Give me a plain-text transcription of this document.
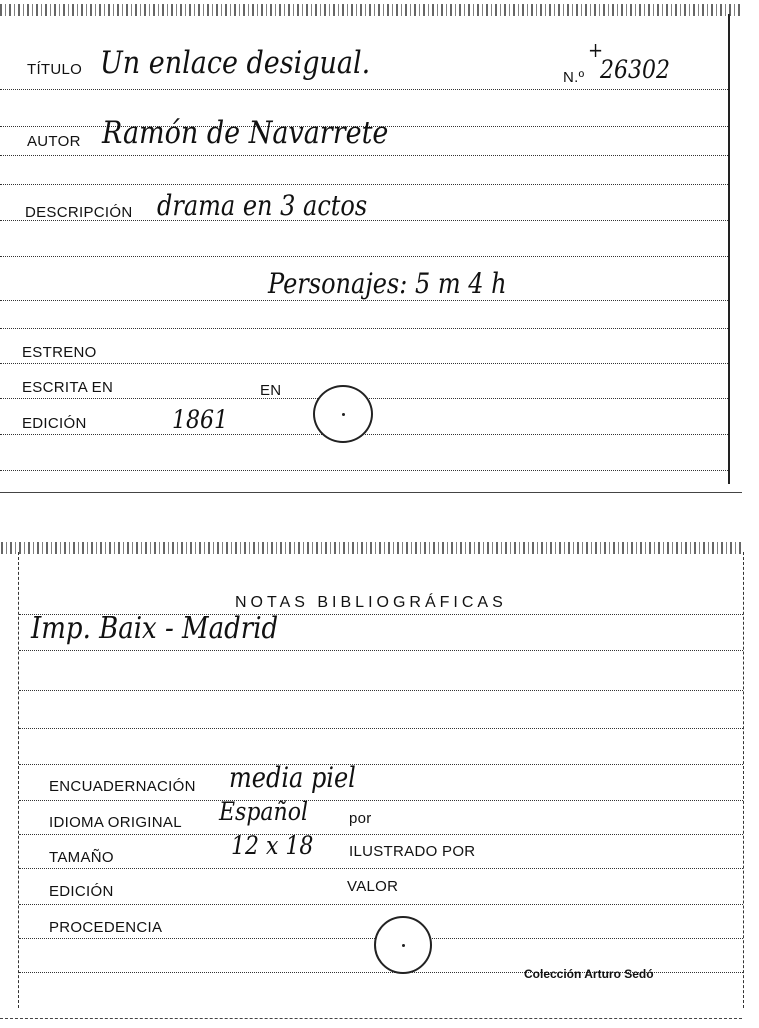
TÍTULO Un enlace desigual.	N.º
+
26302
AUTOR Ramón de Navarrete
DESCRIPCIÓN drama en 3 actos
Personajes: 5 m 4 h
ESTRENO
ESCRITA EN	EN
EDICIÓN	1861
NOTAS BIBLIOGRÁFICAS
Imp. Baix - Madrid
ENCUADERNACIÓN media piel
IDIOMA ORIGINAL Español	por
TAMAÑO	12 x 18 ILUSTRADO POR
EDICIÓN	VALOR
PROCEDENCIA
Colección Arturo Sedó
